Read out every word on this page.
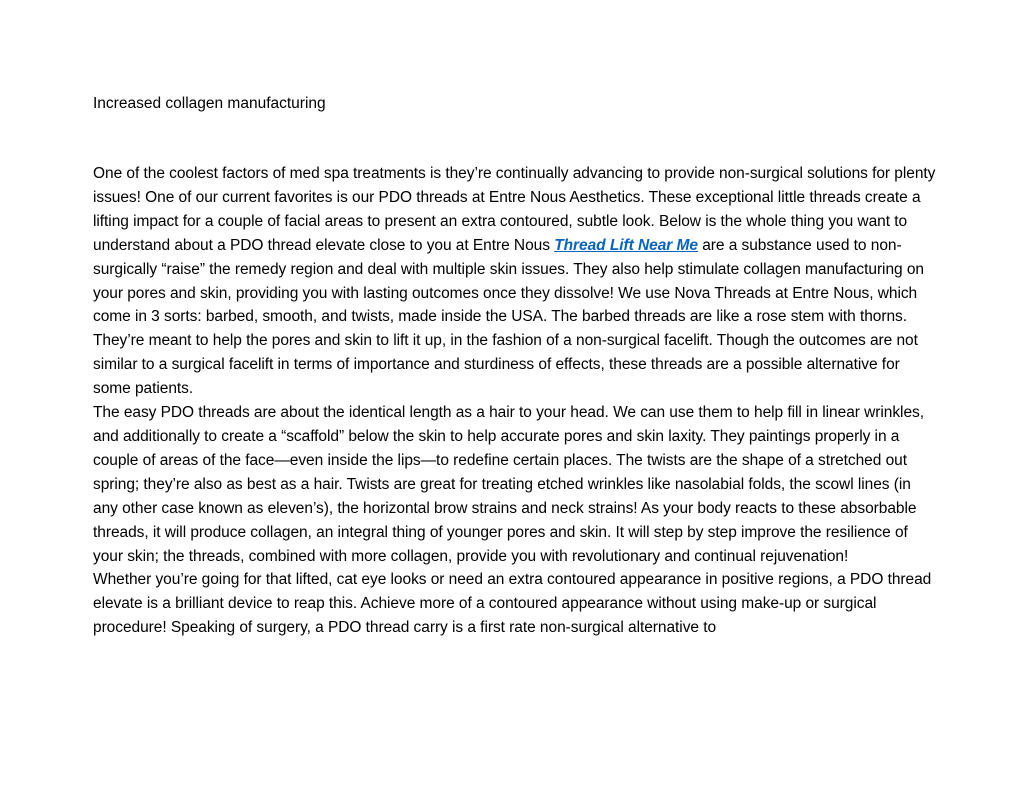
Increased collagen manufacturing

One of the coolest factors of med spa treatments is they’re continually advancing to provide non-surgical solutions for plenty issues! One of our current favorites is our PDO threads at Entre Nous Aesthetics. These exceptional little threads create a lifting impact for a couple of facial areas to present an extra contoured, subtle look. Below is the whole thing you want to understand about a PDO thread elevate close to you at Entre Nous Thread Lift Near Me are a substance used to non-surgically “raise” the remedy region and deal with multiple skin issues. They also help stimulate collagen manufacturing on your pores and skin, providing you with lasting outcomes once they dissolve! We use Nova Threads at Entre Nous, which come in 3 sorts: barbed, smooth, and twists, made inside the USA. The barbed threads are like a rose stem with thorns. They’re meant to help the pores and skin to lift it up, in the fashion of a non-surgical facelift. Though the outcomes are not similar to a surgical facelift in terms of importance and sturdiness of effects, these threads are a possible alternative for some patients.

The easy PDO threads are about the identical length as a hair to your head. We can use them to help fill in linear wrinkles, and additionally to create a “scaffold” below the skin to help accurate pores and skin laxity. They paintings properly in a couple of areas of the face—even inside the lips—to redefine certain places. The twists are the shape of a stretched out spring; they’re also as best as a hair. Twists are great for treating etched wrinkles like nasolabial folds, the scowl lines (in any other case known as eleven’s), the horizontal brow strains and neck strains! As your body reacts to these absorbable threads, it will produce collagen, an integral thing of younger pores and skin. It will step by step improve the resilience of your skin; the threads, combined with more collagen, provide you with revolutionary and continual rejuvenation!

Whether you’re going for that lifted, cat eye looks or need an extra contoured appearance in positive regions, a PDO thread elevate is a brilliant device to reap this. Achieve more of a contoured appearance without using make-up or surgical procedure! Speaking of surgery, a PDO thread carry is a first rate non-surgical alternative to
